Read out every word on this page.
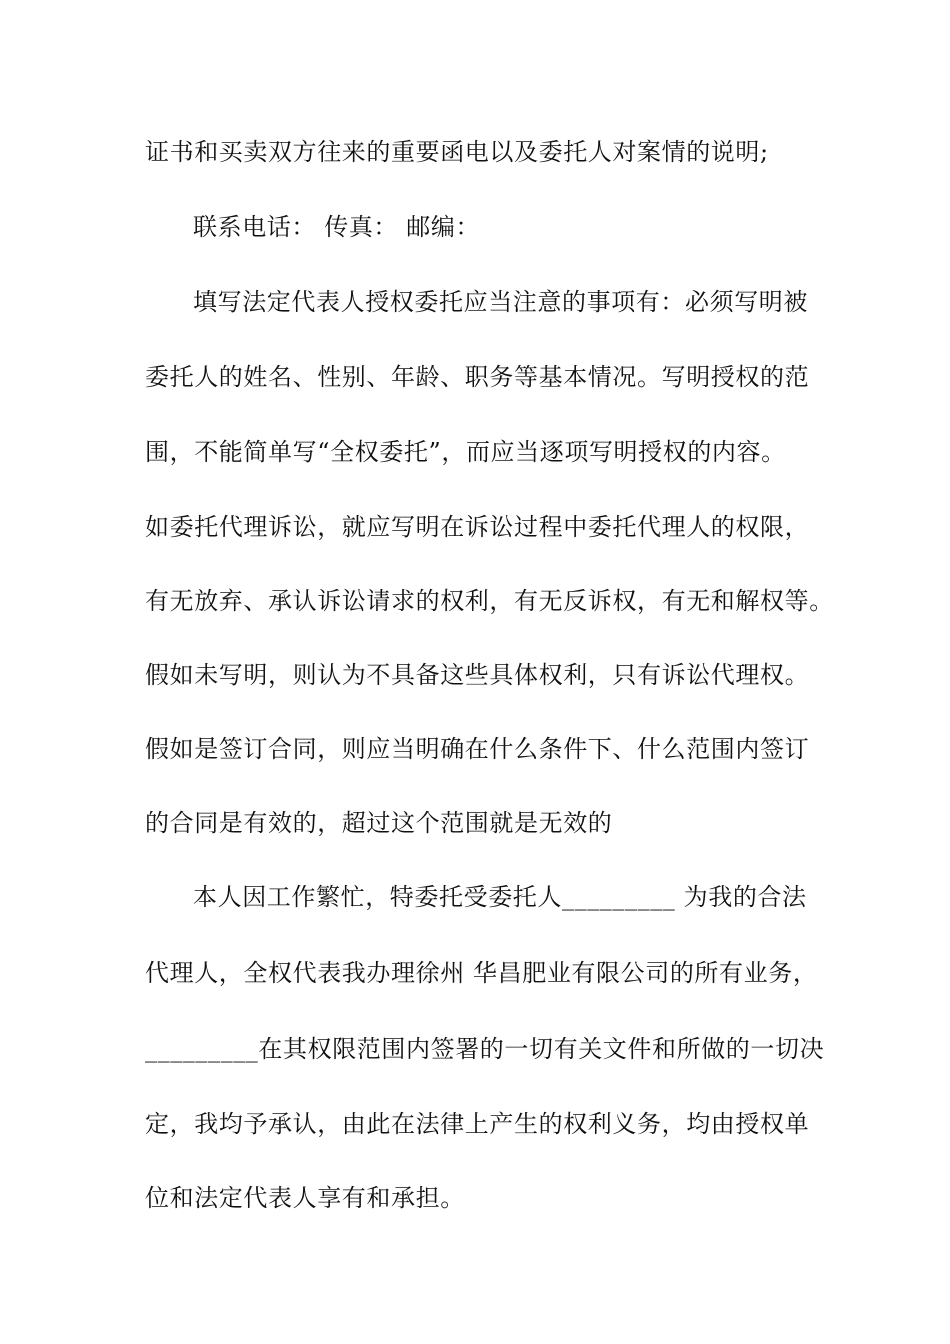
证书和买卖双方往来的重要函电以及委托人对案情的说明;
联系电话： 传真： 邮编：
填写法定代表人授权委托应当注意的事项有：必须写明被
委托人的姓名、性别、年龄、职务等基本情况。写明授权的范
围，不能简单写“全权委托”，而应当逐项写明授权的内容。
如委托代理诉讼，就应写明在诉讼过程中委托代理人的权限，
有无放弃、承认诉讼请求的权利，有无反诉权，有无和解权等。
假如未写明，则认为不具备这些具体权利，只有诉讼代理权。
假如是签订合同，则应当明确在什么条件下、什么范围内签订
的合同是有效的，超过这个范围就是无效的
本人因工作繁忙，特委托受委托人_________ 为我的合法
代理人，全权代表我办理徐州 华昌肥业有限公司的所有业务，
_________在其权限范围内签署的一切有关文件和所做的一切决
定，我均予承认，由此在法律上产生的权利义务，均由授权单
位和法定代表人享有和承担。
